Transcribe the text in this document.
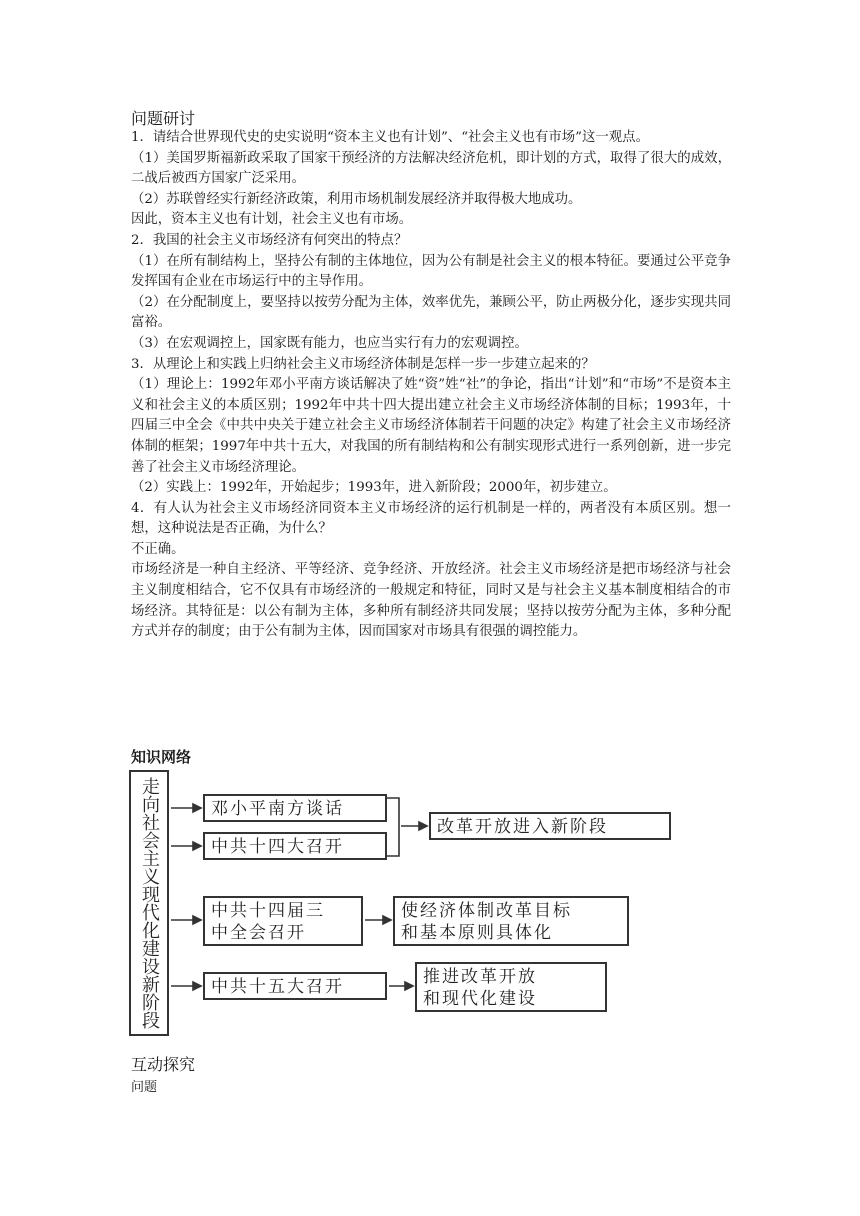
问题研讨

1．请结合世界现代史的史实说明“资本主义也有计划”、“社会主义也有市场”这一观点。

（1）美国罗斯福新政采取了国家干预经济的方法解决经济危机，即计划的方式，取得了很大的成效，二战后被西方国家广泛采用。

（2）苏联曾经实行新经济政策，利用市场机制发展经济并取得极大地成功。

因此，资本主义也有计划，社会主义也有市场。

2．我国的社会主义市场经济有何突出的特点？

（1）在所有制结构上，坚持公有制的主体地位，因为公有制是社会主义的根本特征。要通过公平竞争发挥国有企业在市场运行中的主导作用。

（2）在分配制度上，要坚持以按劳分配为主体，效率优先，兼顾公平，防止两极分化，逐步实现共同富裕。

（3）在宏观调控上，国家既有能力，也应当实行有力的宏观调控。

3．从理论上和实践上归纳社会主义市场经济体制是怎样一步一步建立起来的？

（1）理论上：1992年邓小平南方谈话解决了姓“资”姓“社”的争论，指出“计划”和“市场”不是资本主义和社会主义的本质区别；1992年中共十四大提出建立社会主义市场经济体制的目标；1993年，十四届三中全会《中共中央关于建立社会主义市场经济体制若干问题的决定》构建了社会主义市场经济体制的框架；1997年中共十五大，对我国的所有制结构和公有制实现形式进行一系列创新，进一步完善了社会主义市场经济理论。

（2）实践上：1992年，开始起步；1993年，进入新阶段；2000年，初步建立。

4．有人认为社会主义市场经济同资本主义市场经济的运行机制是一样的，两者没有本质区别。想一想，这种说法是否正确，为什么？

不正确。

市场经济是一种自主经济、平等经济、竞争经济、开放经济。社会主义市场经济是把市场经济与社会主义制度相结合，它不仅具有市场经济的一般规定和特征，同时又是与社会主义基本制度相结合的市场经济。其特征是：以公有制为主体，多种所有制经济共同发展；坚持以按劳分配为主体，多种分配方式并存的制度；由于公有制为主体，因而国家对市场具有很强的调控能力。

知识网络
走向社会主义现代化建设新阶段	邓小平南方谈话
中共十四大召开
改革开放进入新阶段
中共十四届三
中全会召开
使经济体制改革目标
和基本原则具体化
中共十五大召开	推进改革开放
和现代化建设
互动探究
问题
